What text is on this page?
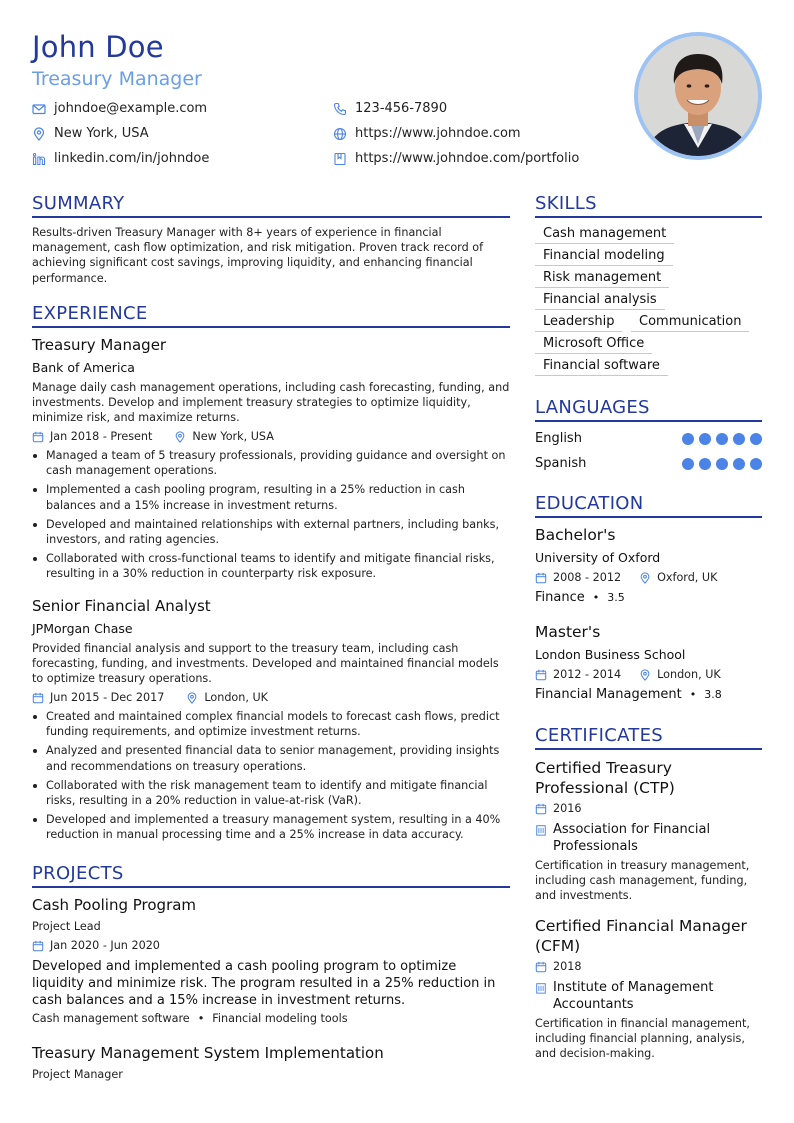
John Doe
Treasury Manager
johndoe@example.com	123-456-7890
New York, USA	https://www.johndoe.com
linkedin.com/in/johndoe	https://www.johndoe.com/portfolio
SUMMARY
Results-driven Treasury Manager with 8+ years of experience in financial management, cash flow optimization, and risk mitigation. Proven track record of achieving significant cost savings, improving liquidity, and enhancing financial performance.
EXPERIENCE
Treasury Manager
Bank of America
Manage daily cash management operations, including cash forecasting, funding, and investments. Develop and implement treasury strategies to optimize liquidity, minimize risk, and maximize returns.
Jan 2018 - Present	New York, USA
Managed a team of 5 treasury professionals, providing guidance and oversight on cash management operations.
Implemented a cash pooling program, resulting in a 25% reduction in cash balances and a 15% increase in investment returns.
Developed and maintained relationships with external partners, including banks, investors, and rating agencies.
Collaborated with cross-functional teams to identify and mitigate financial risks, resulting in a 30% reduction in counterparty risk exposure.
Senior Financial Analyst
JPMorgan Chase
Provided financial analysis and support to the treasury team, including cash forecasting, funding, and investments. Developed and maintained financial models to optimize treasury operations.
Jun 2015 - Dec 2017	London, UK
Created and maintained complex financial models to forecast cash flows, predict funding requirements, and optimize investment returns.
Analyzed and presented financial data to senior management, providing insights and recommendations on treasury operations.
Collaborated with the risk management team to identify and mitigate financial risks, resulting in a 20% reduction in value-at-risk (VaR).
Developed and implemented a treasury management system, resulting in a 40% reduction in manual processing time and a 25% increase in data accuracy.
PROJECTS
Cash Pooling Program
Project Lead
Jan 2020 - Jun 2020
Developed and implemented a cash pooling program to optimize liquidity and minimize risk. The program resulted in a 25% reduction in cash balances and a 15% increase in investment returns.
Cash management software • Financial modeling tools
Treasury Management System Implementation
Project Manager
SKILLS
Cash management
Financial modeling
Risk management
Financial analysis
Leadership	Communication
Microsoft Office
Financial software
LANGUAGES
English
Spanish
EDUCATION
Bachelor's
University of Oxford
2008 - 2012	Oxford, UK
Finance • 3.5
Master's
London Business School
2012 - 2014	London, UK
Financial Management • 3.8
CERTIFICATES
Certified Treasury Professional (CTP)
2016
Association for Financial Professionals
Certification in treasury management, including cash management, funding, and investments.
Certified Financial Manager (CFM)
2018
Institute of Management Accountants
Certification in financial management, including financial planning, analysis, and decision-making.
